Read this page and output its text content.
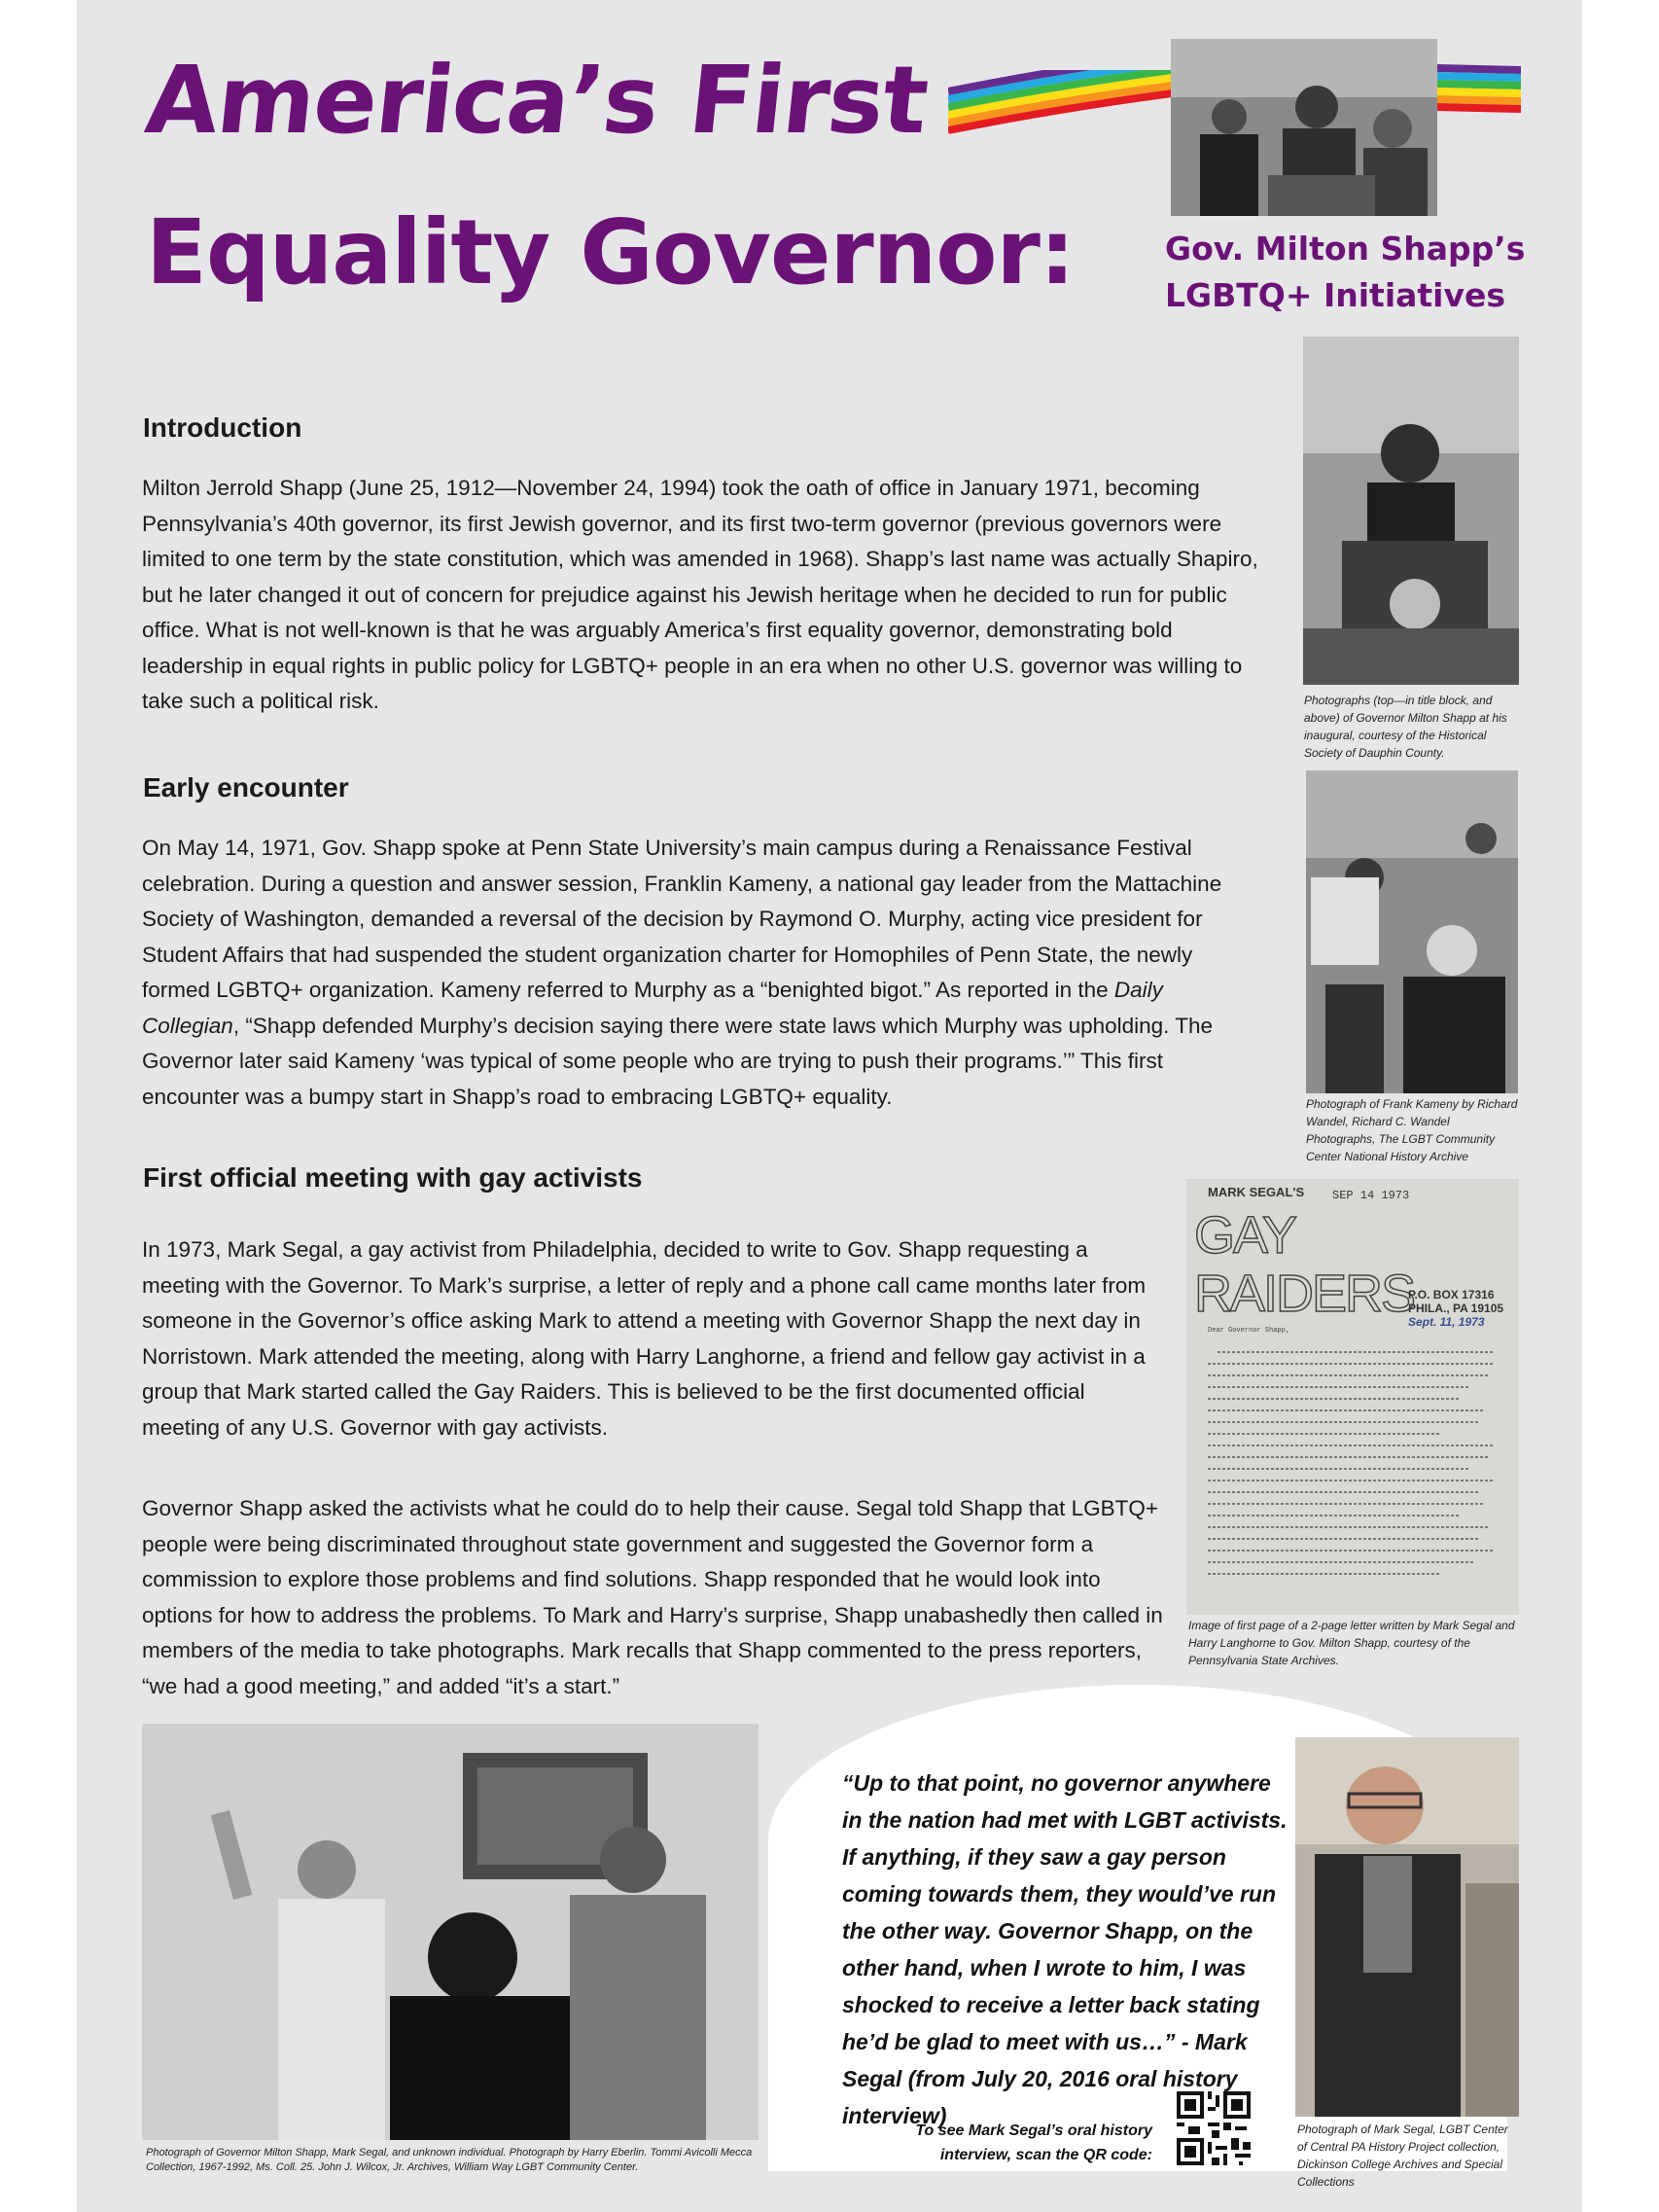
America’s First
Equality Governor:	Gov. Milton Shapp’s
LGBTQ+ Initiatives
Introduction

Milton Jerrold Shapp (June 25, 1912—November 24, 1994) took the oath of office in January 1971, becoming Pennsylvania’s 40th governor, its first Jewish governor, and its first two-term governor (previous governors were limited to one term by the state constitution, which was amended in 1968). Shapp’s last name was actually Shapiro, but he later changed it out of concern for prejudice against his Jewish heritage when he decided to run for public office. What is not well-known is that he was arguably America’s first equality governor, demonstrating bold leadership in equal rights in public policy for LGBTQ+ people in an era when no other U.S. governor was willing to take such a political risk.	Photographs (top—in title block, and above) of Governor Milton Shapp at his inaugural, courtesy of the Historical Society of Dauphin County.
Early encounter

On May 14, 1971, Gov. Shapp spoke at Penn State University’s main campus during a Renaissance Festival celebration. During a question and answer session, Franklin Kameny, a national gay leader from the Mattachine Society of Washington, demanded a reversal of the decision by Raymond O. Murphy, acting vice president for Student Affairs that had suspended the student organization charter for Homophiles of Penn State, the newly formed LGBTQ+ organization. Kameny referred to Murphy as a “benighted bigot.” As reported in the Daily Collegian, “Shapp defended Murphy’s decision saying there were state laws which Murphy was upholding. The Governor later said Kameny ‘was typical of some people who are trying to push their programs.’” This first encounter was a bumpy start in Shapp’s road to embracing LGBTQ+ equality.	Photograph of Frank Kameny by Richard Wandel, Richard C. Wandel Photographs, The LGBT Community Center National History Archive
First official meeting with gay activists

In 1973, Mark Segal, a gay activist from Philadelphia, decided to write to Gov. Shapp requesting a meeting with the Governor. To Mark’s surprise, a letter of reply and a phone call came months later from someone in the Governor’s office asking Mark to attend a meeting with Governor Shapp the next day in Norristown. Mark attended the meeting, along with Harry Langhorne, a friend and fellow gay activist in a group that Mark started called the Gay Raiders. This is believed to be the first documented official meeting of any U.S. Governor with gay activists.

Governor Shapp asked the activists what he could do to help their cause. Segal told Shapp that LGBTQ+ people were being discriminated throughout state government and suggested the Governor form a commission to explore those problems and find solutions. Shapp responded that he would look into options for how to address the problems. To Mark and Harry’s surprise, Shapp unabashedly then called in members of the media to take photographs. Mark recalls that Shapp commented to the press reporters, “we had a good meeting,” and added “it’s a start.”

MARK SEGAL'S SEP 14 1973
GAY RAIDERS
P.O. BOX 17316
PHILA., PA 19105
Sept. 11, 1973
Dear Governor Shapp,
Image of first page of a 2-page letter written by Mark Segal and Harry Langhorne to Gov. Milton Shapp, courtesy of the Pennsylvania State Archives.
Photograph of Governor Milton Shapp, Mark Segal, and unknown individual. Photograph by Harry Eberlin. Tommi Avicolli Mecca Collection, 1967-1992, Ms. Coll. 25. John J. Wilcox, Jr. Archives, William Way LGBT Community Center.
“Up to that point, no governor anywhere in the nation had met with LGBT activists. If anything, if they saw a gay person coming towards them, they would’ve run the other way. Governor Shapp, on the other hand, when I wrote to him, I was shocked to receive a letter back stating he’d be glad to meet with us…” - Mark Segal (from July 20, 2016 oral history interview)
To see Mark Segal’s oral history interview, scan the QR code:
Photograph of Mark Segal, LGBT Center of Central PA History Project collection, Dickinson College Archives and Special Collections
